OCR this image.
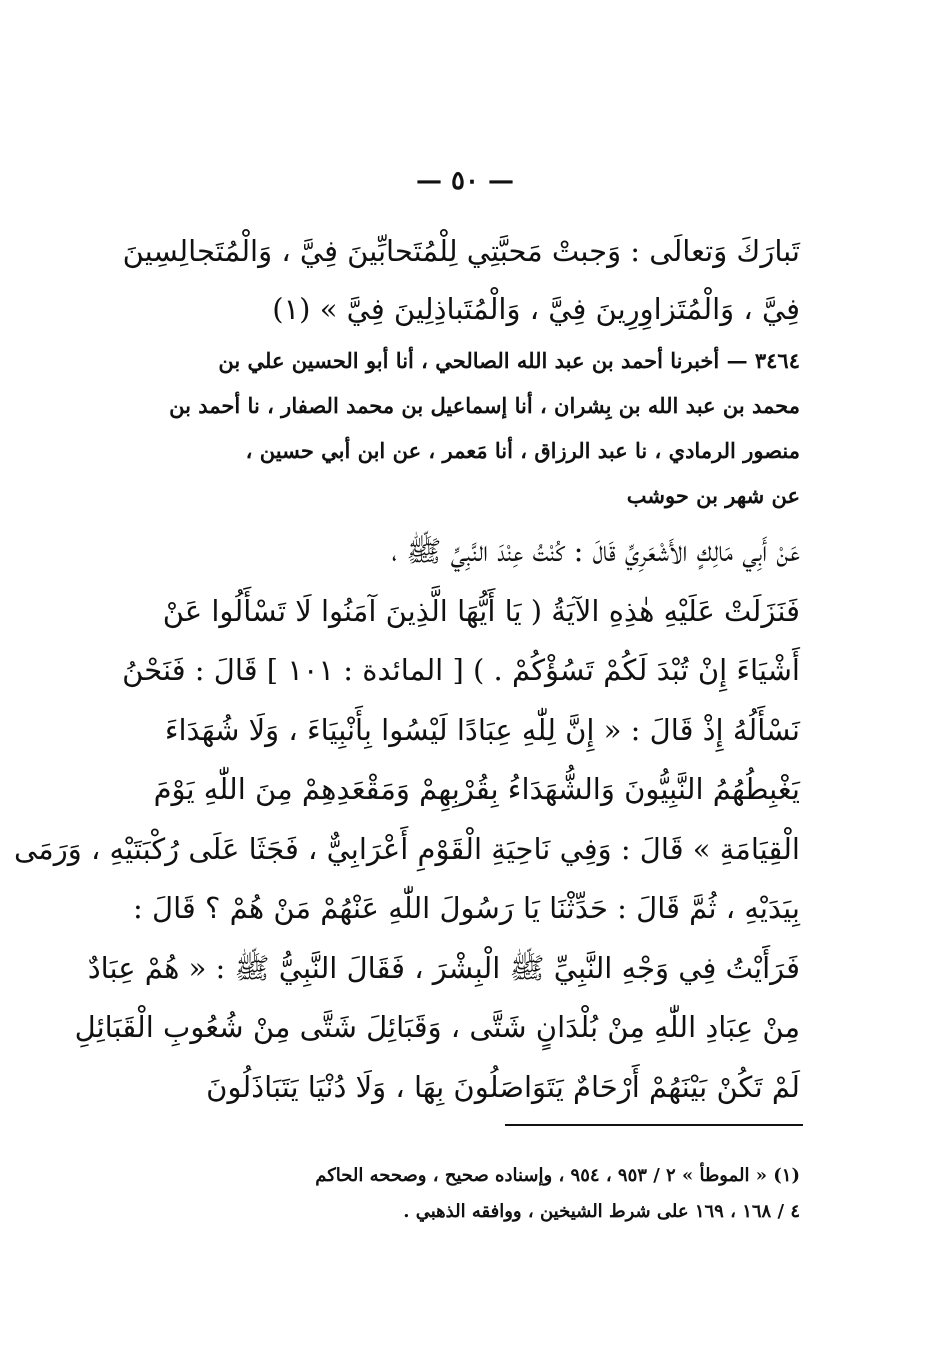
— ٥٠ —
تَبارَكَ وَتعالَى : وَجبتْ مَحبَّتِي لِلْمُتَحابِّينَ فِيَّ ، وَالْمُتَجالِسِينَ
فِيَّ ، وَالْمُتَزاوِرِينَ فِيَّ ، وَالْمُتَباذِلِينَ فِيَّ » (١)
٣٤٦٤ — أخبرنا أحمد بن عبد الله الصالحي ، أنا أبو الحسين علي بن
محمد بن عبد الله بن بِشران ، أنا إسماعيل بن محمد الصفار ، نا أحمد بن
منصور الرمادي ، نا عبد الرزاق ، أنا مَعمر ، عن ابن أبي حسين ،
عن شهر بن حوشب
عَنْ أَبِي مَالِكٍ الأَشْعَرِيِّ قَالَ : كُنْتُ عِنْدَ النَّبِيِّ ﷺ ،
فَنَزَلَتْ عَلَيْهِ هٰذِهِ الآيَةُ ( يَا أَيُّهَا الَّذِينَ آمَنُوا لَا تَسْأَلُوا عَنْ
أَشْيَاءَ إِنْ تُبْدَ لَكُمْ تَسُؤْكُمْ . ) [ المائدة : ١٠١ ] قَالَ : فَنَحْنُ
نَسْأَلُهُ إِذْ قَالَ : « إِنَّ لِلّٰهِ عِبَادًا لَيْسُوا بِأَنْبِيَاءَ ، وَلَا شُهَدَاءَ
يَغْبِطُهُمُ النَّبِيُّونَ وَالشُّهَدَاءُ بِقُرْبِهِمْ وَمَقْعَدِهِمْ مِنَ اللّٰهِ يَوْمَ
الْقِيَامَةِ » قَالَ : وَفِي نَاحِيَةِ الْقَوْمِ أَعْرَابِيٌّ ، فَجَثَا عَلَى رُكْبَتَيْهِ ، وَرَمَى
بِيَدَيْهِ ، ثُمَّ قَالَ : حَدِّثْنَا يَا رَسُولَ اللّٰهِ عَنْهُمْ مَنْ هُمْ ؟ قَالَ :
فَرَأَيْتُ فِي وَجْهِ النَّبِيِّ ﷺ الْبِشْرَ ، فَقَالَ النَّبِيُّ ﷺ : « هُمْ عِبَادٌ
مِنْ عِبَادِ اللّٰهِ مِنْ بُلْدَانٍ شَتَّى ، وَقَبَائِلَ شَتَّى مِنْ شُعُوبِ الْقَبَائِلِ
لَمْ تَكُنْ بَيْنَهُمْ أَرْحَامٌ يَتَوَاصَلُونَ بِهَا ، وَلَا دُنْيَا يَتَبَاذَلُونَ
(١) « الموطأ » ٢ / ٩٥٣ ، ٩٥٤ ، وإسناده صحيح ، وصححه الحاكم
٤ / ١٦٨ ، ١٦٩ على شرط الشيخين ، ووافقه الذهبي .
